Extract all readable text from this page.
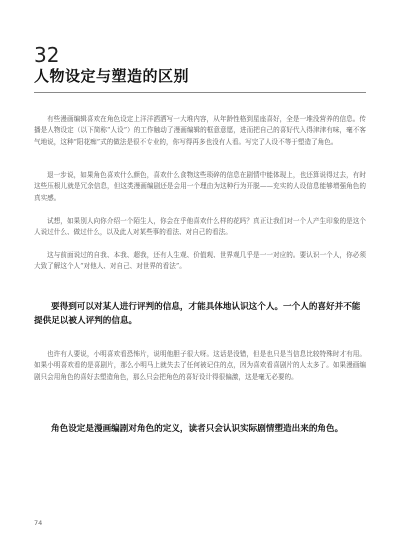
32
人物设定与塑造的区别

有些漫画编辑喜欢在角色设定上洋洋洒洒写一大堆内容，从年龄性格到星座喜好，全是一堆没营养的信息。传播是人物设定（以下简称“人设”）的工作触动了漫画编辑的框意意愿，进而把自己的喜好代入得津津有味，毫不客气地说，这种“阳花痴”式的做法是很不专业的，你写得再多也没有人看。写完了人设不等于塑造了角色。

退一步说，如果角色喜欢什么颜色，喜欢什么食物这些琐碎的信息在剧情中能体现上，也还算说得过去，有时这些压根儿就是冗余信息，但这类漫画编剧还是会用一个理由为这种行为开脱——充实的人设信息能够增强角色的真实感。

试想，如果别人向你介绍一个陌生人，你会在乎他喜欢什么样的花吗？真正让我们对一个人产生印象的是这个人说过什么、做过什么，以及此人对某些事的看法、对自己的看法。

这与前面说过的自我、本我、超我，还有人生观、价值观、世界观几乎是一一对应的。要认识一个人，你必须大致了解这个人“对他人、对自己、对世界的看法”。

要得到可以对某人进行评判的信息，才能具体地认识这个人。一个人的喜好并不能提供足以被人评判的信息。

也许有人要说，小明喜欢看恐怖片，说明他胆子很大呀。这话是没错，但是也只是当信息比较特殊时才有用。如果小明喜欢看的是喜剧片，那么小明马上就失去了任何被记住的点，因为喜欢看喜剧片的人太多了。如果漫画编剧只会用角色的喜好去塑造角色，那么只会把角色的喜好设计得很偏激，这是毫无必要的。

角色设定是漫画编剧对角色的定义，读者只会认识实际剧情塑造出来的角色。

74
